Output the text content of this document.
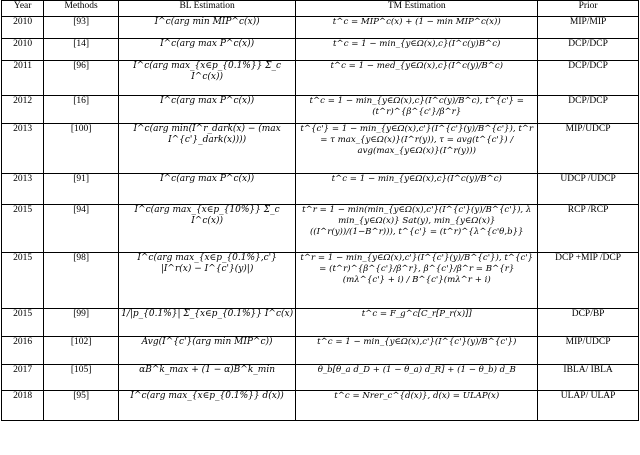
Year	Methods	BL Estimation	TM Estimation	Prior
2010	[93]	I^c(arg min MIP^c(x))	t^c = MIP^c(x) + (1 − min MIP^c(x))	MIP/MIP
2010	[14]	I^c(arg max P^c(x))	t^c = 1 − min_{y∈Ω(x),c}(I^c(y)B^c)	DCP/DCP
2011	[96]	I^c(arg max_{x∈p_{0.1%}} Σ_c I^c(x))	t^c = 1 − med_{y∈Ω(x),c}(I^c(y)/B^c)	DCP/DCP
2012	[16]	I^c(arg max P^c(x))	t^c = 1 − min_{y∈Ω(x),c}(I^c(y)/B^c), t^{c'} = (t^r)^{β^{c'}/β^r}	DCP/DCP
2013	[100]	I^c(arg min(I^r_dark(x) − (max I^{c'}_dark(x))))	t^{c'} = 1 − min_{y∈Ω(x),c'}(I^{c'}(y)/B^{c'}), t^r = τ max_{y∈Ω(x)}(I^r(y)), τ = avg(t^{c'}) / avg(max_{y∈Ω(x)}(I^r(y)))	MIP/UDCP
2013	[91]	I^c(arg max P^c(x))	t^c = 1 − min_{y∈Ω(x),c}(I^c(y)/B^c)	UDCP /UDCP
2015	[94]	I^c(arg max_{x∈p_{10%}} Σ_c I^c(x))	t^r = 1 − min(min_{y∈Ω(x),c'}(I^{c'}(y)/B^{c'}), λ min_{y∈Ω(x)} Sat(y), min_{y∈Ω(x)}((I^r(y))/(1−B^r))), t^{c'} = (t^r)^{λ^{c'θ,b}}	RCP /RCP
2015	[98]	I^c(arg max_{x∈p_{0.1%},c'} |I^r(x) − I^{c'}(y)|)	t^r = 1 − min_{y∈Ω(x),c'}(I^{c'}(y)/B^{c'}), t^{c'} = (t^r)^{β^{c'}/β^r}, β^{c'}/β^r = B^{r}(mλ^{c'} + i) / B^{c'}(mλ^r + i)	DCP +MIP /DCP
2015	[99]	1/|p_{0.1%}| Σ_{x∈p_{0.1%}} I^c(x)	t^c = F_g^c[C_r[P_r(x)]]	DCP/BP
2016	[102]	Avg(I^{c'}(arg min MIP^c))	t^c = 1 − min_{y∈Ω(x),c'}(I^{c'}(y)/B^{c'})	MIP/UDCP
2017	[105]	αB^k_max + (1 − α)B^k_min	θ_b[θ_a d_D + (1 − θ_a) d_R] + (1 − θ_b) d_B	IBLA/ IBLA
2018	[95]	I^c(arg max_{x∈p_{0.1%}} d(x))	t^c = Nrer_c^{d(x)}, d(x) = ULAP(x)	ULAP/ ULAP
